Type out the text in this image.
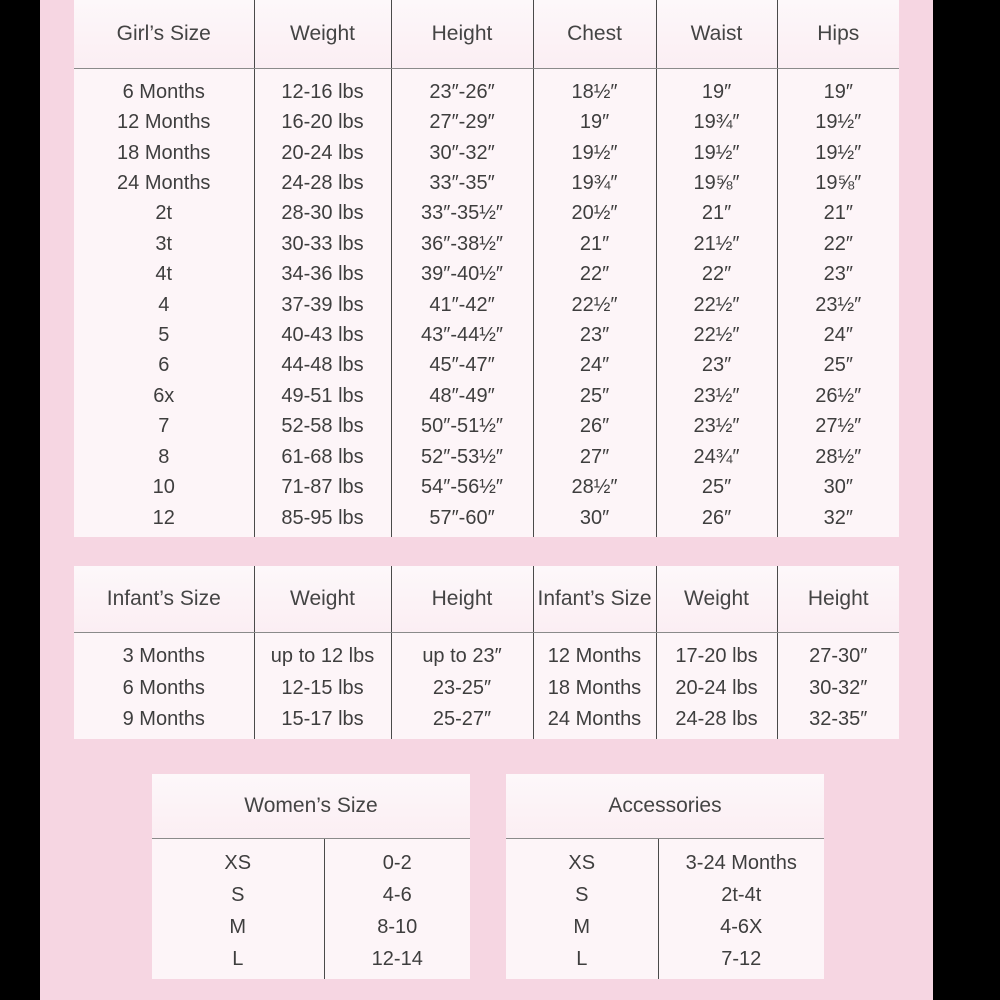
Girl’s Size	Weight	Height	Chest	Waist	Hips
6 Months	12-16 lbs	23″-26″	18½″	19″	19″
12 Months	16-20 lbs	27″-29″	19″	19¾″	19½″
18 Months	20-24 lbs	30″-32″	19½″	19½″	19½″
24 Months	24-28 lbs	33″-35″	19¾″	19⅝″	19⅝″
2t	28-30 lbs	33″-35½″	20½″	21″	21″
3t	30-33 lbs	36″-38½″	21″	21½″	22″
4t	34-36 lbs	39″-40½″	22″	22″	23″
4	37-39 lbs	41″-42″	22½″	22½″	23½″
5	40-43 lbs	43″-44½″	23″	22½″	24″
6	44-48 lbs	45″-47″	24″	23″	25″
6x	49-51 lbs	48″-49″	25″	23½″	26½″
7	52-58 lbs	50″-51½″	26″	23½″	27½″
8	61-68 lbs	52″-53½″	27″	24¾″	28½″
10	71-87 lbs	54″-56½″	28½″	25″	30″
12	85-95 lbs	57″-60″	30″	26″	32″
Infant’s Size	Weight	Height	Infant’s Size	Weight	Height
3 Months	up to 12 lbs	up to 23″	12 Months	17-20 lbs	27-30″
6 Months	12-15 lbs	23-25″	18 Months	20-24 lbs	30-32″
9 Months	15-17 lbs	25-27″	24 Months	24-28 lbs	32-35″
Women’s Size	
XS	0-2
S	4-6
M	8-10
L	12-14
Accessories	
XS	3-24 Months
S	2t-4t
M	4-6X
L	7-12
